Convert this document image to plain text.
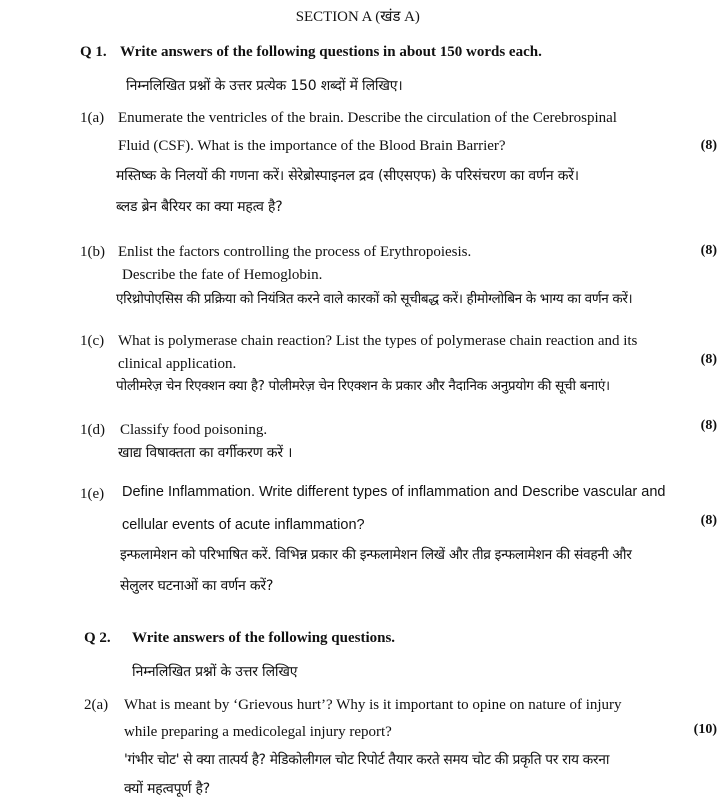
SECTION A (खंड A)
Q 1. Write answers of the following questions in about 150 words each.
निम्नलिखित प्रश्नों के उत्तर प्रत्येक 150 शब्दों में लिखिए।
1(a) Enumerate the ventricles of the brain. Describe the circulation of the Cerebrospinal
Fluid (CSF). What is the importance of the Blood Brain Barrier?	(8)
मस्तिष्क के निलयों की गणना करें। सेरेब्रोस्पाइनल द्रव (सीएसएफ) के परिसंचरण का वर्णन करें।
ब्लड ब्रेन बैरियर का क्या महत्व है?
1(b) Enlist the factors controlling the process of Erythropoiesis.	(8)
Describe the fate of Hemoglobin.
एरिथ्रोपोएसिस की प्रक्रिया को नियंत्रित करने वाले कारकों को सूचीबद्ध करें। हीमोग्लोबिन के भाग्य का वर्णन करें।
1(c) What is polymerase chain reaction? List the types of polymerase chain reaction and its
clinical application.	(8)
पोलीमरेज़ चेन रिएक्शन क्या है? पोलीमरेज़ चेन रिएक्शन के प्रकार और नैदानिक अनुप्रयोग की सूची बनाएं।
1(d) Classify food poisoning.	(8)
खाद्य विषाक्तता का वर्गीकरण करें ।
1(e) Define Inflammation. Write different types of inflammation and Describe vascular and
cellular events of acute inflammation?	(8)
इन्फलामेशन को परिभाषित करें. विभिन्न प्रकार की इन्फलामेशन लिखें और तीव्र इन्फलामेशन की संवहनी और
सेलुलर घटनाओं का वर्णन करें?
Q 2. Write answers of the following questions.
निम्नलिखित प्रश्नों के उत्तर लिखिए
2(a) What is meant by ‘Grievous hurt’? Why is it important to opine on nature of injury
while preparing a medicolegal injury report?	(10)
'गंभीर चोट' से क्या तात्पर्य है? मेडिकोलीगल चोट रिपोर्ट तैयार करते समय चोट की प्रकृति पर राय करना
क्यों महत्वपूर्ण है?
